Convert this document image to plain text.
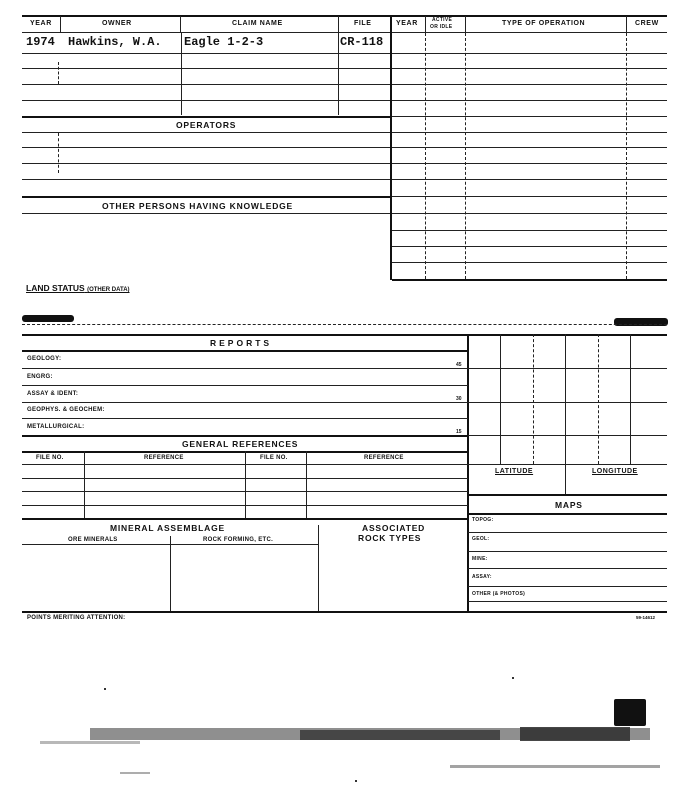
YEAR	OWNER	CLAIM NAME	FILE	YEAR	ACTIVE
OR IDLE	TYPE OF OPERATION	CREW
1974 Hawkins, W.A. Eagle 1-2-3	CR-118
OPERATORS
OTHER PERSONS HAVING KNOWLEDGE
LAND STATUS (OTHER DATA)
REPORTS
GEOLOGY:
45
ENGRG:
ASSAY & IDENT:
30
GEOPHYS. & GEOCHEM:
METALLURGICAL:
15
GENERAL REFERENCES
FILE NO.	REFERENCE	FILE NO.	REFERENCE
MINERAL ASSEMBLAGE	ASSOCIATED
ROCK TYPES
ORE MINERALS	ROCK FORMING, ETC.
LATITUDE	LONGITUDE
MAPS
TOPOG:
GEOL:
MINE:
ASSAY:
OTHER (& PHOTOS)
POINTS MERITING ATTENTION:	59-14612
